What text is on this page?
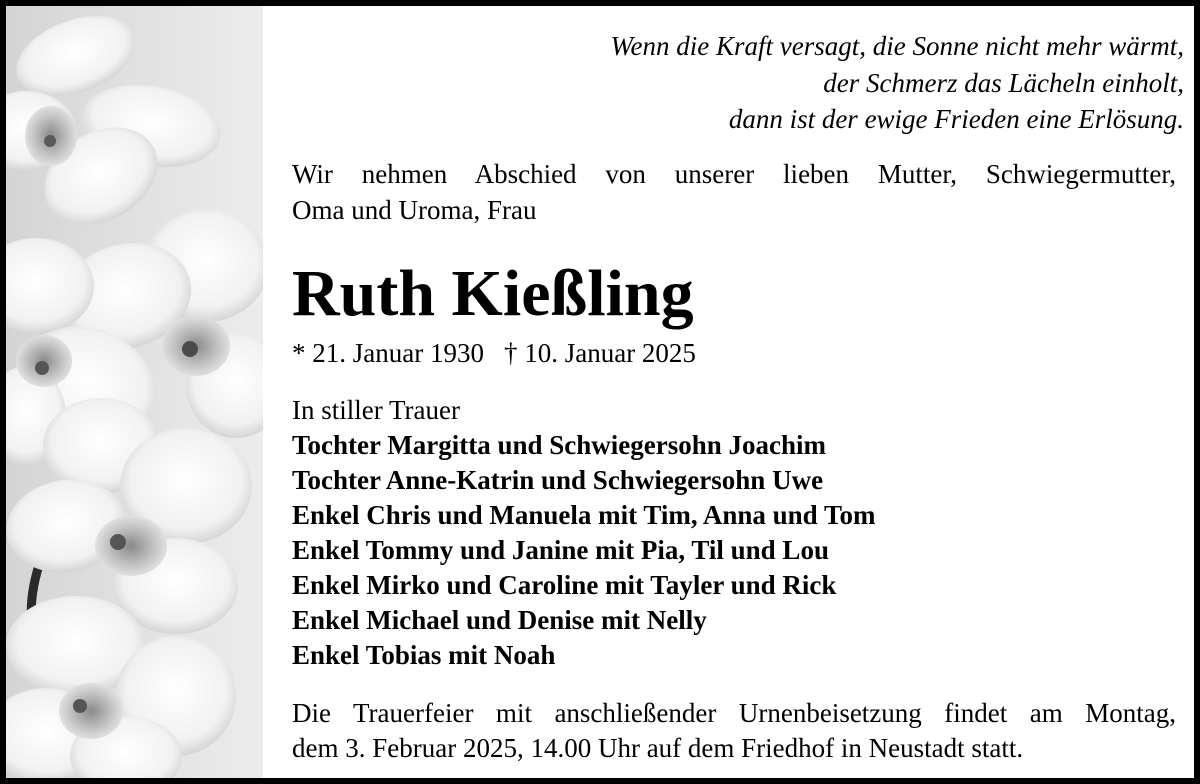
Wenn die Kraft versagt, die Sonne nicht mehr wärmt,
der Schmerz das Lächeln einholt,
dann ist der ewige Frieden eine Erlösung.
Wir nehmen Abschied von unserer lieben Mutter, Schwiegermutter,
Oma und Uroma, Frau
Ruth Kießling
* 21. Januar 1930 † 10. Januar 2025
In stiller Trauer
Tochter Margitta und Schwiegersohn Joachim
Tochter Anne-Katrin und Schwiegersohn Uwe
Enkel Chris und Manuela mit Tim, Anna und Tom
Enkel Tommy und Janine mit Pia, Til und Lou
Enkel Mirko und Caroline mit Tayler und Rick
Enkel Michael und Denise mit Nelly
Enkel Tobias mit Noah
Die Trauerfeier mit anschließender Urnenbeisetzung findet am Montag,
dem 3. Februar 2025, 14.00 Uhr auf dem Friedhof in Neustadt statt.
